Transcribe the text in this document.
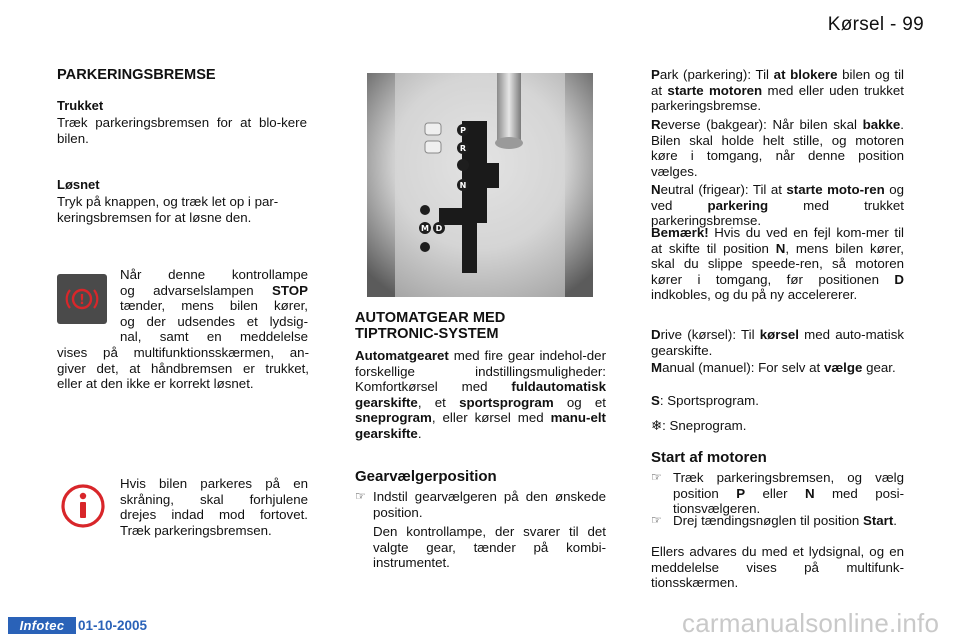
Kørsel - 99
PARKERINGSBREMSE
Trukket
Træk parkeringsbremsen for at blo-kere bilen.
Løsnet
Tryk på knappen, og træk let op i par-keringsbremsen for at løsne den.
!
Når denne kontrollampe
og advarselslampen STOP
tænder, mens bilen kører,
og der udsendes et lydsig-
nal, samt en meddelelse
vises på multifunktionsskærmen, an-
giver det, at håndbremsen er trukket,
eller at den ikke er korrekt løsnet.
Hvis bilen parkeres på en
skråning, skal forhjulene
drejes indad mod fortovet.
Træk parkeringsbremsen.
P
R
N
M D
AUTOMATGEAR MED
TIPTRONIC-SYSTEM
Automatgearet med fire gear indehol-der forskellige indstillingsmuligheder: Komfortkørsel med fuldautomatisk gearskifte, et sportsprogram og et sneprogram, eller kørsel med manu-elt gearskifte.
Gearvælgerposition
☞ Indstil gearvælgeren på den ønskede position.
Den kontrollampe, der svarer til det valgte gear, tænder på kombi-instrumentet.
Park (parkering): Til at blokere bilen og til at starte motoren med eller uden trukket parkeringsbremse.
Reverse (bakgear): Når bilen skal bakke. Bilen skal holde helt stille, og motoren køre i tomgang, når denne position vælges.
Neutral (frigear): Til at starte moto-ren og ved parkering med trukket parkeringsbremse.
Bemærk! Hvis du ved en fejl kom-mer til at skifte til position N, mens bilen kører, skal du slippe speede-ren, så motoren kører i tomgang, før positionen D indkobles, og du på ny accelererer.
Drive (kørsel): Til kørsel med auto-matisk gearskifte.
Manual (manuel): For selv at vælge gear.
S: Sportsprogram.
❄: Sneprogram.
Start af motoren
☞ Træk parkeringsbremsen, og vælg position P eller N med posi-tionsvælgeren.
☞ Drej tændingsnøglen til position Start.
Ellers advares du med et lydsignal, og en meddelelse vises på multifunk-tionsskærmen.
Infotec	01-10-2005	carmanualsonline.info
